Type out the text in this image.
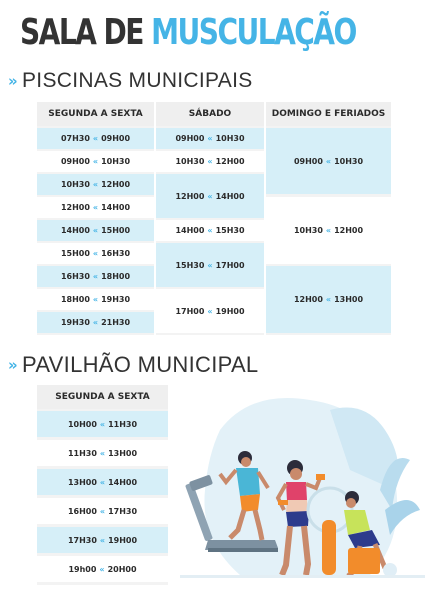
SALA DE MUSCULAÇÃO
» PISCINAS MUNICIPAIS
SEGUNDA A SEXTA	SÁBADO	DOMINGO E FERIADOS
07H30 « 09H00
09H00 « 10H30
10H30 « 12H00
12H00 « 14H00
14H00 « 15H00
15H00 « 16H30
16H30 « 18H00
18H00 « 19H30
19H30 « 21H30
09H00 « 10H30
10H30 « 12H00
12H00 « 14H00
14H00 « 15H30
15H30 « 17H00
17H00 « 19H00
09H00 « 10H30
10H30 « 12H00
12H00 « 13H00
» PAVILHÃO MUNICIPAL
SEGUNDA A SEXTA
10H00 « 11H30
11H30 « 13H00
13H00 « 14H00
16H00 « 17H30
17H30 « 19H00
19h00 « 20H00
